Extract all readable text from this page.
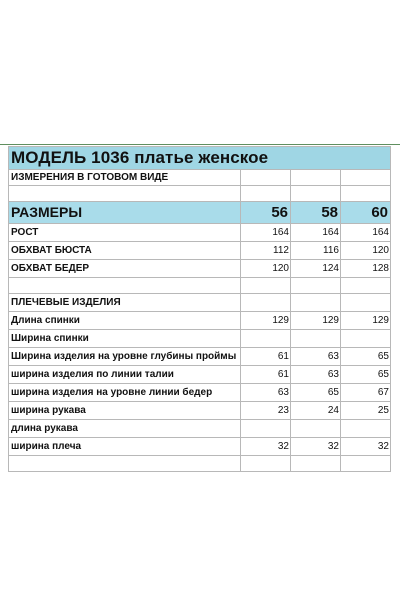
МОДЕЛЬ 1036 платье женское			
ИЗМЕРЕНИЯ В ГОТОВОМ ВИДЕ			

РАЗМЕРЫ	56	58	60
РОСТ	164	164	164
ОБХВАТ БЮСТА	112	116	120
ОБХВАТ БЕДЕР	120	124	128

ПЛЕЧЕВЫЕ ИЗДЕЛИЯ			
Длина спинки	129	129	129
Ширина спинки			
Ширина изделия на уровне глубины проймы	61	63	65
ширина изделия по линии талии	61	63	65
ширина изделия на уровне линии бедер	63	65	67
ширина рукава	23	24	25
длина рукава			
ширина плеча	32	32	32
